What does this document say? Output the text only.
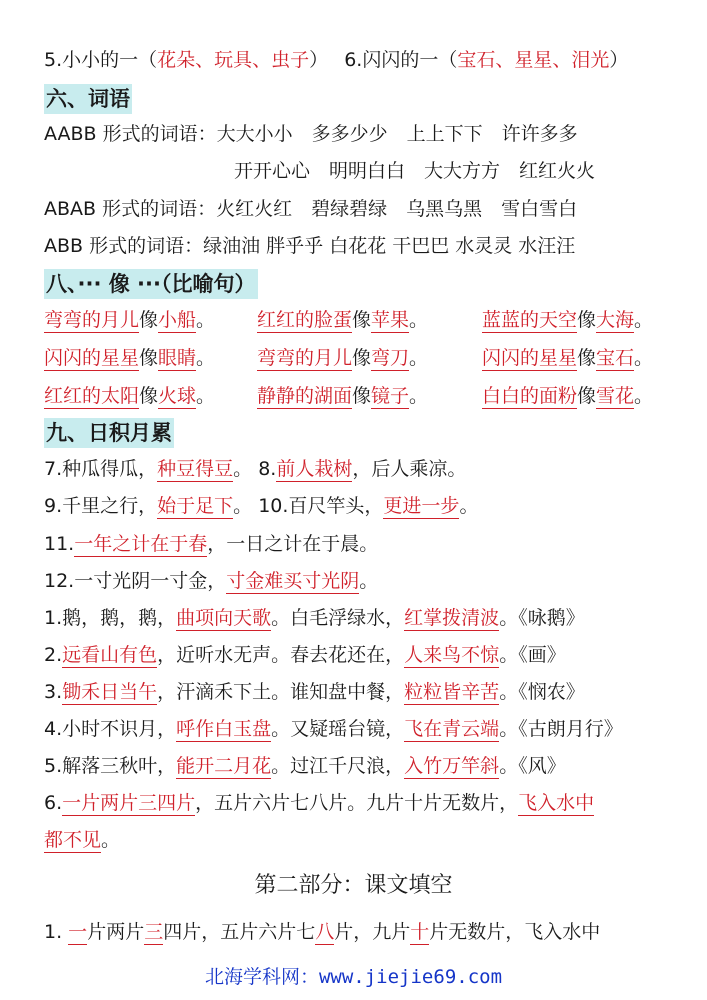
5.小小的一（花朵、玩具、虫子） 6.闪闪的一（宝石、星星、泪光）
六、词语
AABB 形式的词语：大大小小　多多少少　上上下下　许许多多
开开心心　明明白白　大大方方　红红火火
ABAB 形式的词语：火红火红　碧绿碧绿　乌黑乌黑　雪白雪白
ABB 形式的词语：绿油油 胖乎乎 白花花 干巴巴 水灵灵 水汪汪
八、··· 像 ···（比喻句）
弯弯的月儿像小船。 红红的脸蛋像苹果。	蓝蓝的天空像大海。
闪闪的星星像眼睛。 弯弯的月儿像弯刀。	闪闪的星星像宝石。
红红的太阳像火球。 静静的湖面像镜子。	白白的面粉像雪花。
九、日积月累
7.种瓜得瓜，种豆得豆。 8.前人栽树，后人乘凉。
9.千里之行，始于足下。 10.百尺竿头，更进一步。
11.一年之计在于春，一日之计在于晨。
12.一寸光阴一寸金，寸金难买寸光阴。
1.鹅，鹅，鹅，曲项向天歌。白毛浮绿水，红掌拨清波。《咏鹅》
2.远看山有色，近听水无声。春去花还在，人来鸟不惊。《画》
3.锄禾日当午，汗滴禾下土。谁知盘中餐，粒粒皆辛苦。《悯农》
4.小时不识月，呼作白玉盘。又疑瑶台镜，飞在青云端。《古朗月行》
5.解落三秋叶，能开二月花。过江千尺浪，入竹万竿斜。《风》
6.一片两片三四片，五片六片七八片。九片十片无数片，飞入水中
都不见。
第二部分：课文填空
1. 一片两片三四片，五片六片七八片，九片十片无数片，飞入水中
北海学科网：www.jiejie69.com
